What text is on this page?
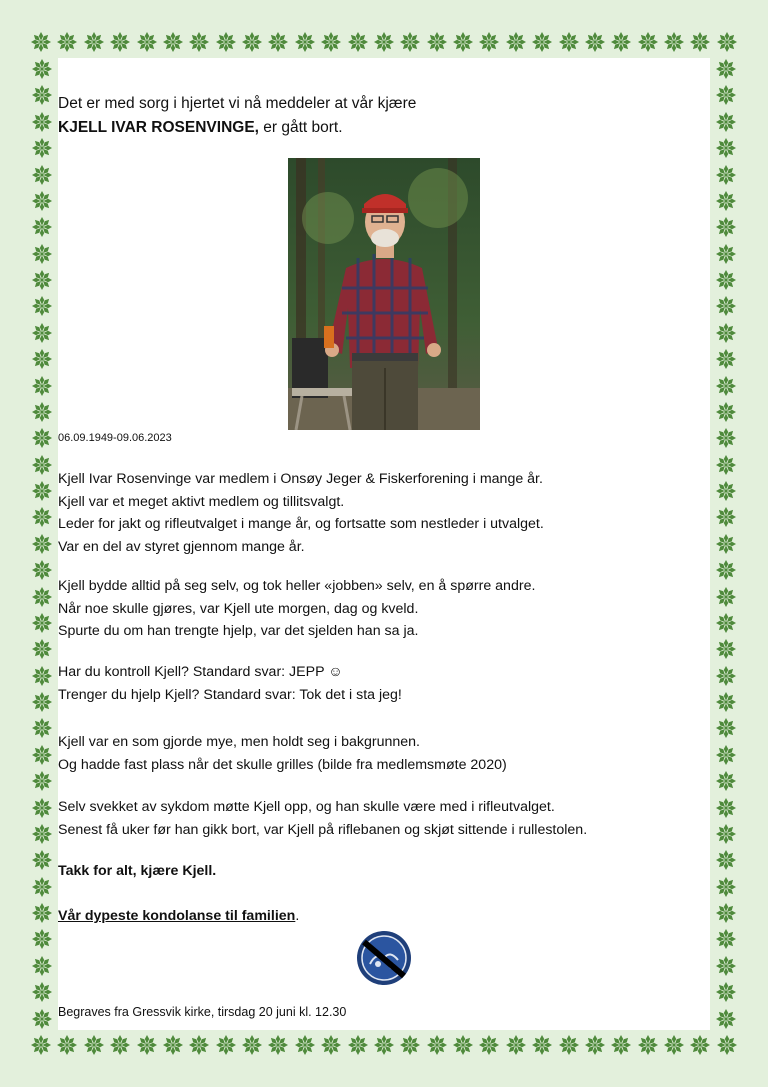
Det er med sorg i hjertet vi nå meddeler at vår kjære
KJELL IVAR ROSENVINGE, er gått bort.
06.09.1949-09.06.2023
Kjell Ivar Rosenvinge var medlem i Onsøy Jeger & Fiskerforening i mange år.
Kjell var et meget aktivt medlem og tillitsvalgt.
Leder for jakt og rifleutvalget i mange år, og fortsatte som nestleder i utvalget.
Var en del av styret gjennom mange år.
Kjell bydde alltid på seg selv, og tok heller «jobben» selv, en å spørre andre.
Når noe skulle gjøres, var Kjell ute morgen, dag og kveld.
Spurte du om han trengte hjelp, var det sjelden han sa ja.
Har du kontroll Kjell? Standard svar: JEPP ☺
Trenger du hjelp Kjell? Standard svar: Tok det i sta jeg!
Kjell var en som gjorde mye, men holdt seg i bakgrunnen.
Og hadde fast plass når det skulle grilles (bilde fra medlemsmøte 2020)
Selv svekket av sykdom møtte Kjell opp, og han skulle være med i rifleutvalget.
Senest få uker før han gikk bort, var Kjell på riflebanen og skjøt sittende i rullestolen.
Takk for alt, kjære Kjell.
Vår dypeste kondolanse til familien.
Begraves fra Gressvik kirke, tirsdag 20 juni kl. 12.30
